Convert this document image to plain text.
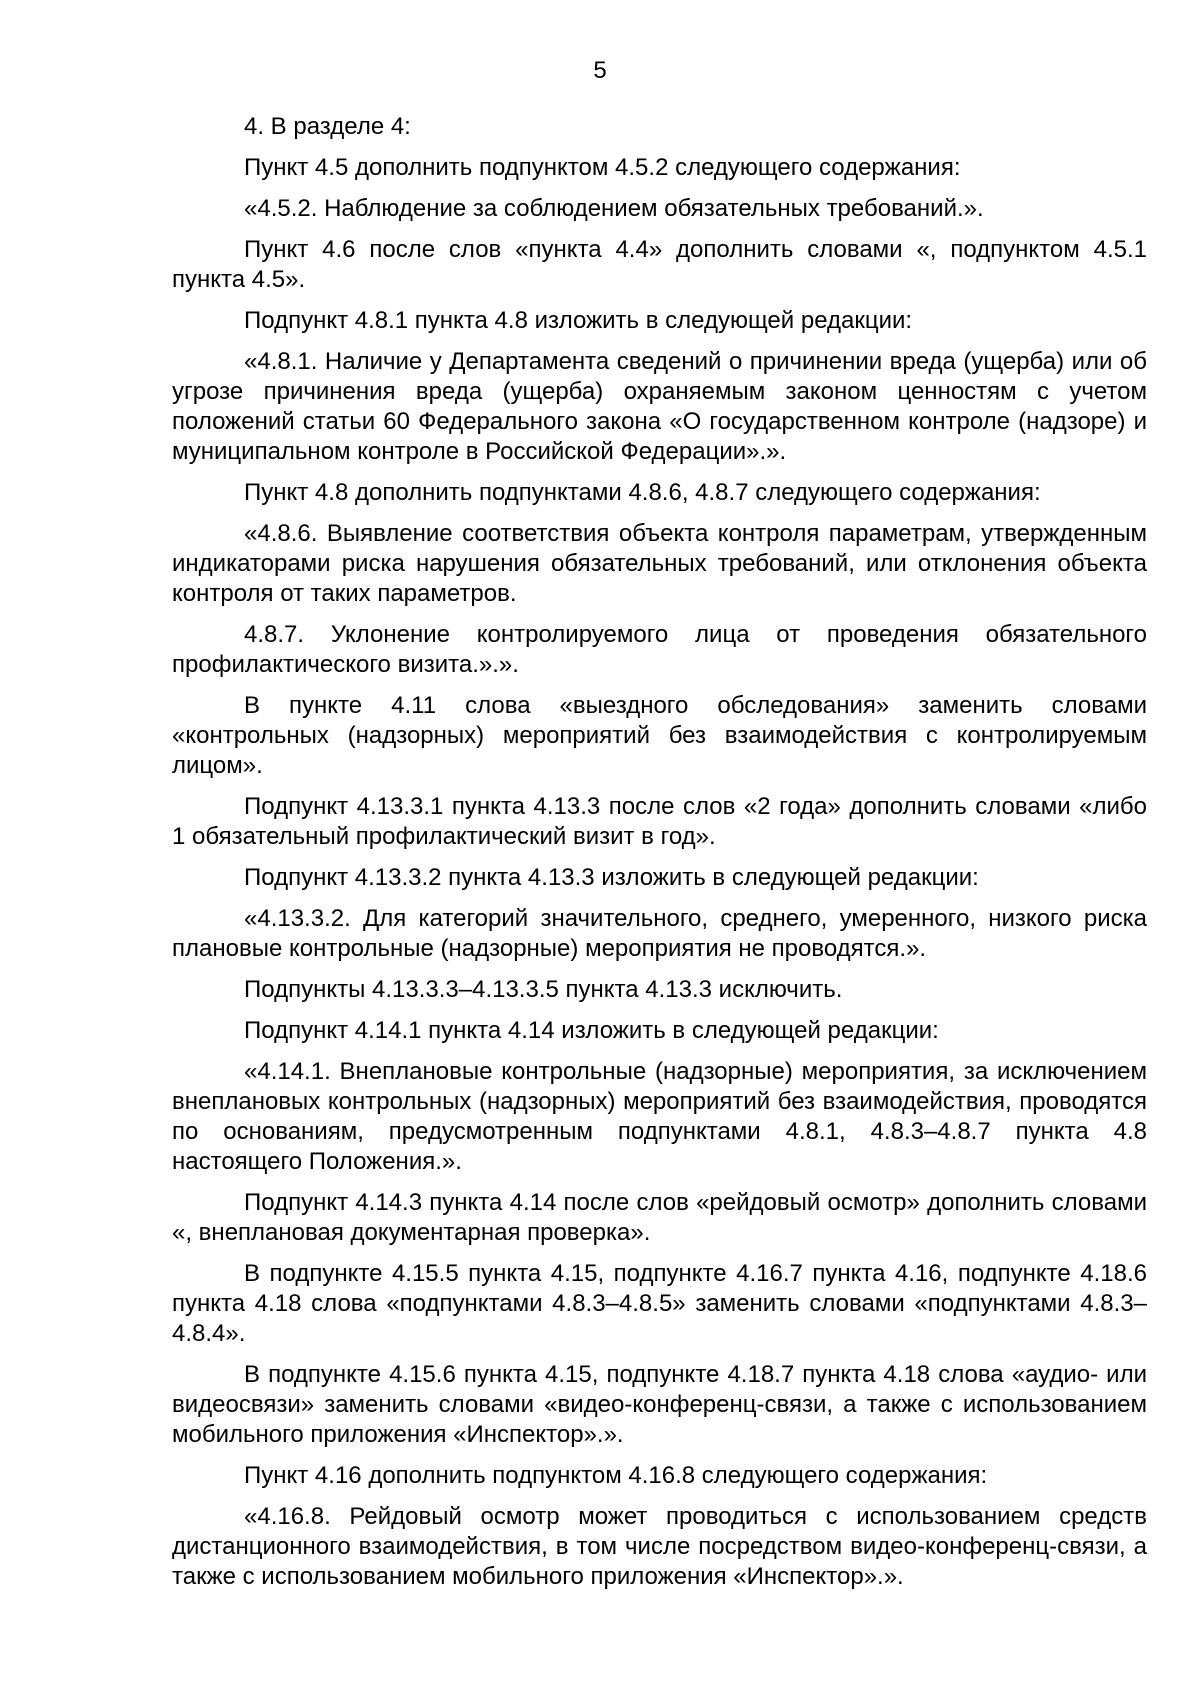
5

4. В разделе 4:

Пункт 4.5 дополнить подпунктом 4.5.2 следующего содержания:

«4.5.2. Наблюдение за соблюдением обязательных требований.».

Пункт 4.6 после слов «пункта 4.4» дополнить словами «, подпунктом 4.5.1 пункта 4.5».

Подпункт 4.8.1 пункта 4.8 изложить в следующей редакции:

«4.8.1. Наличие у Департамента сведений о причинении вреда (ущерба) или об угрозе причинения вреда (ущерба) охраняемым законом ценностям с учетом положений статьи 60 Федерального закона «О государственном контроле (надзоре) и муниципальном контроле в Российской Федерации».».

Пункт 4.8 дополнить подпунктами 4.8.6, 4.8.7 следующего содержания:

«4.8.6. Выявление соответствия объекта контроля параметрам, утвержденным индикаторами риска нарушения обязательных требований, или отклонения объекта контроля от таких параметров.

4.8.7. Уклонение контролируемого лица от проведения обязательного профилактического визита.».».

В пункте 4.11 слова «выездного обследования» заменить словами «контрольных (надзорных) мероприятий без взаимодействия с контролируемым лицом».

Подпункт 4.13.3.1 пункта 4.13.3 после слов «2 года» дополнить словами «либо 1 обязательный профилактический визит в год».

Подпункт 4.13.3.2 пункта 4.13.3 изложить в следующей редакции:

«4.13.3.2. Для категорий значительного, среднего, умеренного, низкого риска плановые контрольные (надзорные) мероприятия не проводятся.».

Подпункты 4.13.3.3–4.13.3.5 пункта 4.13.3 исключить.

Подпункт 4.14.1 пункта 4.14 изложить в следующей редакции:

«4.14.1. Внеплановые контрольные (надзорные) мероприятия, за исключением внеплановых контрольных (надзорных) мероприятий без взаимодействия, проводятся по основаниям, предусмотренным подпунктами 4.8.1, 4.8.3–4.8.7 пункта 4.8 настоящего Положения.».

Подпункт 4.14.3 пункта 4.14 после слов «рейдовый осмотр» дополнить словами «, внеплановая документарная проверка».

В подпункте 4.15.5 пункта 4.15, подпункте 4.16.7 пункта 4.16, подпункте 4.18.6 пункта 4.18 слова «подпунктами 4.8.3–4.8.5» заменить словами «подпунктами 4.8.3–4.8.4».

В подпункте 4.15.6 пункта 4.15, подпункте 4.18.7 пункта 4.18 слова «аудио- или видеосвязи» заменить словами «видео-конференц-связи, а также с использованием мобильного приложения «Инспектор».».

Пункт 4.16 дополнить подпунктом 4.16.8 следующего содержания:

«4.16.8. Рейдовый осмотр может проводиться с использованием средств дистанционного взаимодействия, в том числе посредством видео-конференц-связи, а также с использованием мобильного приложения «Инспектор».».
